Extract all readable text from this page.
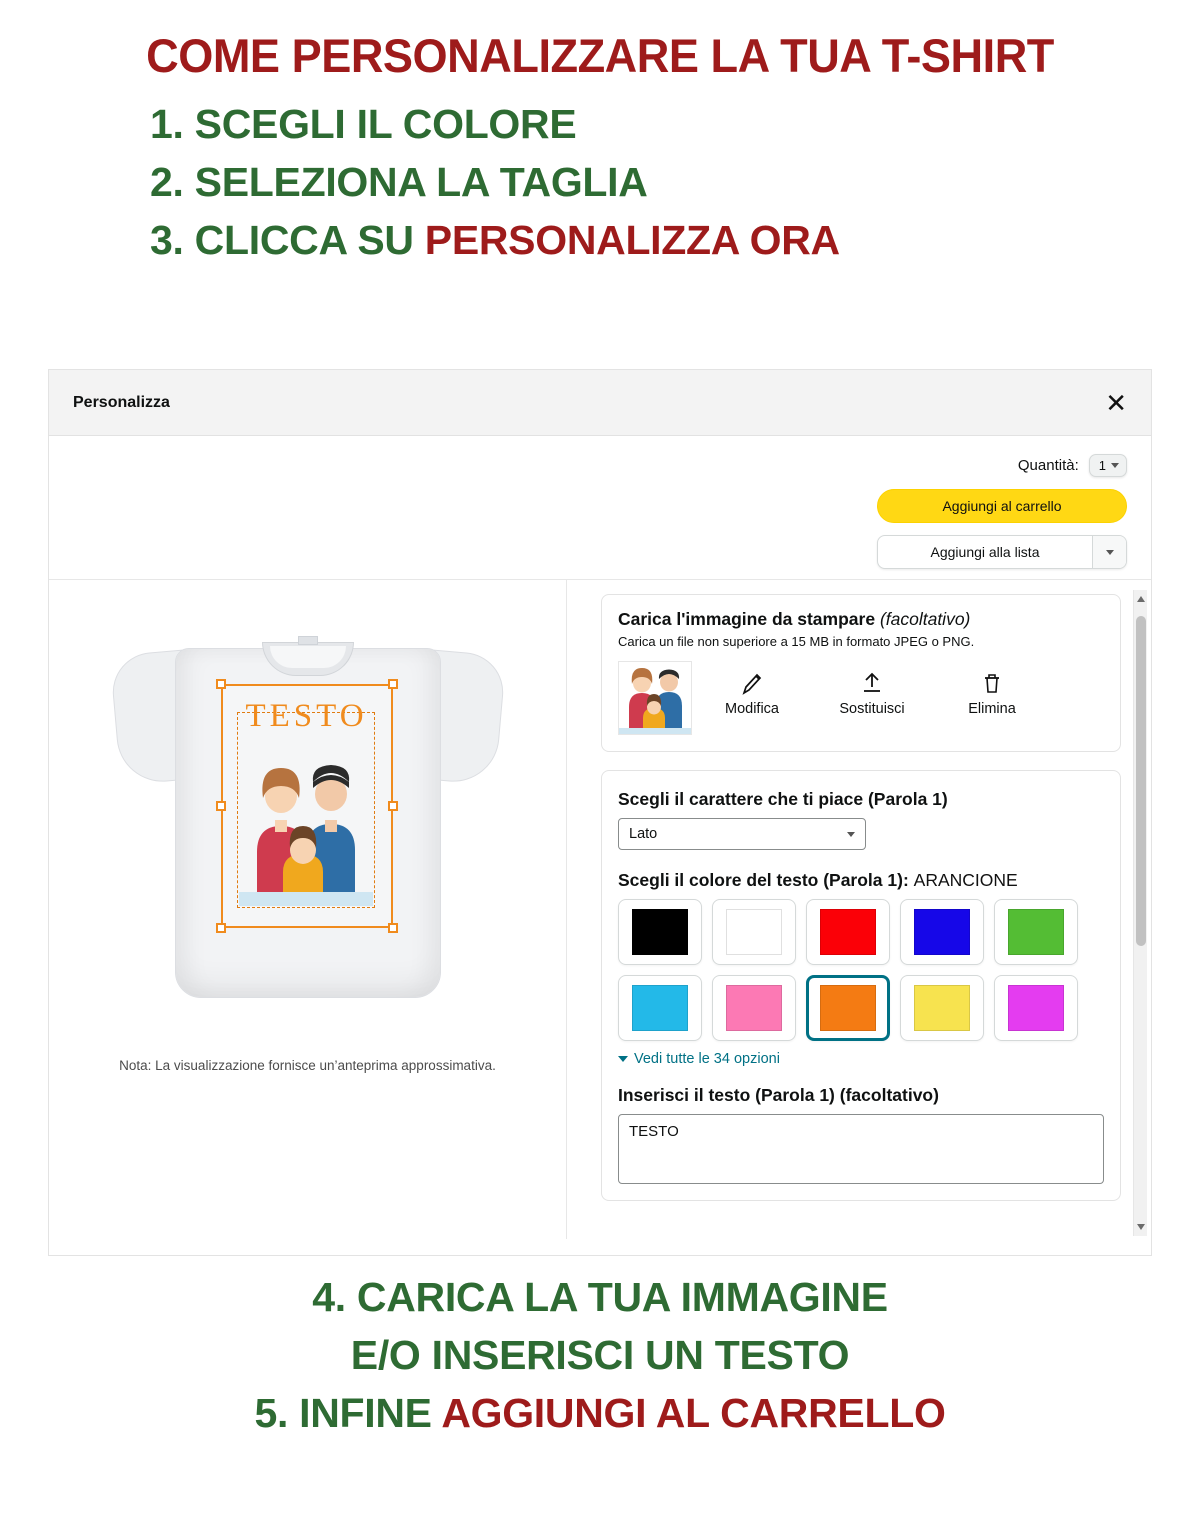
COME PERSONALIZZARE LA TUA T-SHIRT
1. SCEGLI IL COLORE
2. SELEZIONA LA TAGLIA
3. CLICCA SU PERSONALIZZA ORA
Personalizza	✕
Quantità: 1
Aggiungi al carrello
Aggiungi alla lista
TESTO
Nota: La visualizzazione fornisce un’anteprima approssimativa.
Carica l'immagine da stampare (facoltativo)
Carica un file non superiore a 15 MB in formato JPEG o PNG.
Modifica	Sostituisci	Elimina
Scegli il carattere che ti piace (Parola 1)
Lato
Scegli il colore del testo (Parola 1): ARANCIONE
Vedi tutte le 34 opzioni
Inserisci il testo (Parola 1) (facoltativo)
TESTO
4. CARICA LA TUA IMMAGINE
E/O INSERISCI UN TESTO
5. INFINE AGGIUNGI AL CARRELLO
